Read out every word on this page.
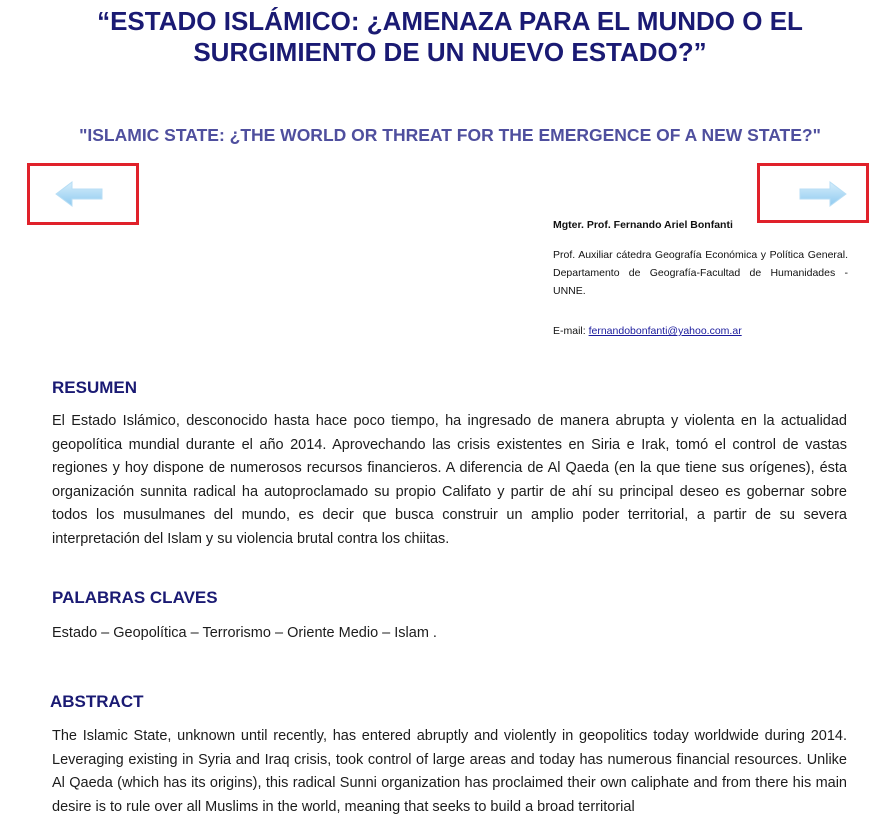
“ESTADO ISLÁMICO: ¿AMENAZA PARA EL MUNDO O EL SURGIMIENTO DE UN NUEVO ESTADO?”
"ISLAMIC STATE: ¿THE WORLD OR THREAT FOR THE EMERGENCE OF A NEW STATE?"

Mgter. Prof. Fernando Ariel Bonfanti

Prof. Auxiliar cátedra Geografía Económica y Política General. Departamento de Geografía-Facultad de Humanidades - UNNE.

E-mail: fernandobonfanti@yahoo.com.ar

RESUMEN

El Estado Islámico, desconocido hasta hace poco tiempo, ha ingresado de manera abrupta y violenta en la actualidad geopolítica mundial durante el año 2014. Aprovechando las crisis existentes en Siria e Irak, tomó el control de vastas regiones y hoy dispone de numerosos recursos financieros. A diferencia de Al Qaeda (en la que tiene sus orígenes), ésta organización sunnita radical ha autoproclamado su propio Califato y partir de ahí su principal deseo es gobernar sobre todos los musulmanes del mundo, es decir que busca construir un amplio poder territorial, a partir de su severa interpretación del Islam y su violencia brutal contra los chiitas.

PALABRAS CLAVES

Estado – Geopolítica – Terrorismo – Oriente Medio – Islam .

ABSTRACT

The Islamic State, unknown until recently, has entered abruptly and violently in geopolitics today worldwide during 2014. Leveraging existing in Syria and Iraq crisis, took control of large areas and today has numerous financial resources. Unlike Al Qaeda (which has its origins), this radical Sunni organization has proclaimed their own caliphate and from there his main desire is to rule over all Muslims in the world, meaning that seeks to build a broad territorial
